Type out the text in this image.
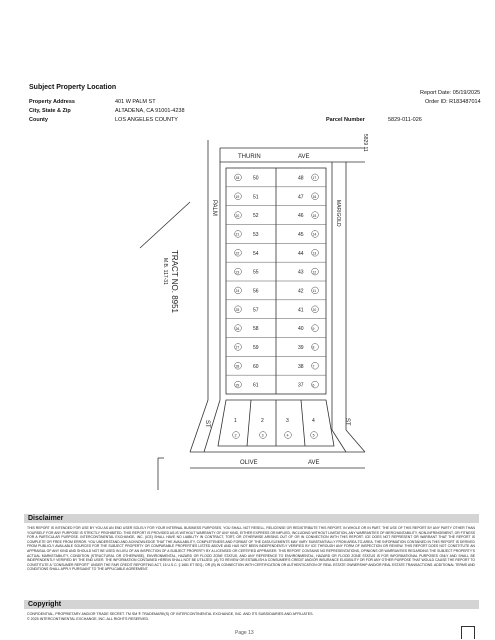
Subject Property Location
Report Date: 05/19/2025
Order ID: R183487014
Property Address	401 W PALM ST
City, State & Zip	ALTADENA, CA 91001-4238
County	LOS ANGELES COUNTY	Parcel Number	5829-011-026
50	48
18	17
51	47
19	16
52	46
20	15
53	45
21	14
54	44
22	13
55	43
23	12
56	42
24	11
57	41
25	10
58	40
26	9
59	39
27	8
60	38
28	7
61	37
29	6
1
2
2
3
3
4
4
5
THURIN	AVE
OLIVE	AVE
PALM	MARIGOLD
ST	ST
TRACT NO. 8951
M.B. 117-31
5829 11
Disclaimer
THIS REPORT IS INTENDED FOR USE BY YOU AS AN END USER SOLELY FOR YOUR INTERNAL BUSINESS PURPOSES. YOU SHALL NOT RESELL, RELICENSE OR REDISTRIBUTE THIS REPORT, IN WHOLE OR IN PART. THE USE OF THIS REPORT BY ANY PARTY OTHER THAN YOURSELF FOR ANY PURPOSE IS STRICTLY PROHIBITED. THIS REPORT IS PROVIDED AS-IS WITHOUT WARRANTY OF ANY KIND, EITHER EXPRESS OR IMPLIED, INCLUDING WITHOUT LIMITATION, ANY WARRANTIES OF MERCHANTABILITY, NON-INFRINGEMENT, OR FITNESS FOR A PARTICULAR PURPOSE. INTERCONTINENTAL EXCHANGE, INC. (ICE) SHALL HAVE NO LIABILITY IN CONTRACT, TORT, OR OTHERWISE ARISING OUT OF OR IN CONNECTION WITH THIS REPORT. ICE DOES NOT REPRESENT OR WARRANT THAT THE REPORT IS COMPLETE OR FREE FROM ERROR. YOU UNDERSTAND AND ACKNOWLEDGE THAT THE AVAILABILITY, COMPLETENESS AND FORMAT OF THE DATA ELEMENTS MAY VARY SUBSTANTIALLY FROM AREA-TO-AREA. THE INFORMATION CONTAINED IN THIS REPORT IS DERIVED FROM PUBLICLY AVAILABLE SOURCES FOR THE SUBJECT PROPERTY OR COMPARABLE PROPERTIES LISTED ABOVE AND HAS NOT BEEN INDEPENDENTLY VERIFIED BY ICE THROUGH ANY FORM OF INSPECTION OR REVIEW. THIS REPORT DOES NOT CONSTITUTE AN APPRAISAL OF ANY KIND AND SHOULD NOT BE USED IN LIEU OF AN INSPECTION OF A SUBJECT PROPERTY BY A LICENSED OR CERTIFIED APPRAISER. THIS REPORT CONTAINS NO REPRESENTATIONS, OPINIONS OR WARRANTIES REGARDING THE SUBJECT PROPERTY'S ACTUAL MARKETABILITY, CONDITION (STRUCTURAL OR OTHERWISE), ENVIRONMENTAL, HAZARD OR FLOOD ZONE STATUS, AND ANY REFERENCE TO ENVIRONMENTAL, HAZARD OR FLOOD ZONE STATUS IS FOR INFORMATIONAL PURPOSES ONLY AND SHALL BE INDEPENDENTLY VERIFIED BY THE END USER. THE INFORMATION CONTAINED HEREIN SHALL NOT BE UTILIZED: (A) TO REVIEW OR ESTABLISH A CONSUMER'S CREDIT AND/OR INSURANCE ELIGIBILITY OR FOR ANY OTHER PURPOSE THAT WOULD CAUSE THE REPORT TO CONSTITUTE A "CONSUMER REPORT" UNDER THE FAIR CREDIT REPORTING ACT, 15 U.S.C. § 1681 ET SEQ.; OR (B) IN CONNECTION WITH CERTIFICATION OR AUTHENTICATION OF REAL ESTATE OWNERSHIP AND/OR REAL ESTATE TRANSACTIONS. ADDITIONAL TERMS AND CONDITIONS SHALL APPLY PURSUANT TO THE APPLICABLE AGREEMENT.
Copyright
CONFIDENTIAL, PROPRIETARY AND/OR TRADE SECRET. TM SM ® TRADEMARK(S) OF INTERCONTINENTAL EXCHANGE, INC. AND ITS SUBSIDIARIES AND AFFILIATES.
© 2025 INTERCONTINENTAL EXCHANGE, INC. ALL RIGHTS RESERVED.
Page 13
